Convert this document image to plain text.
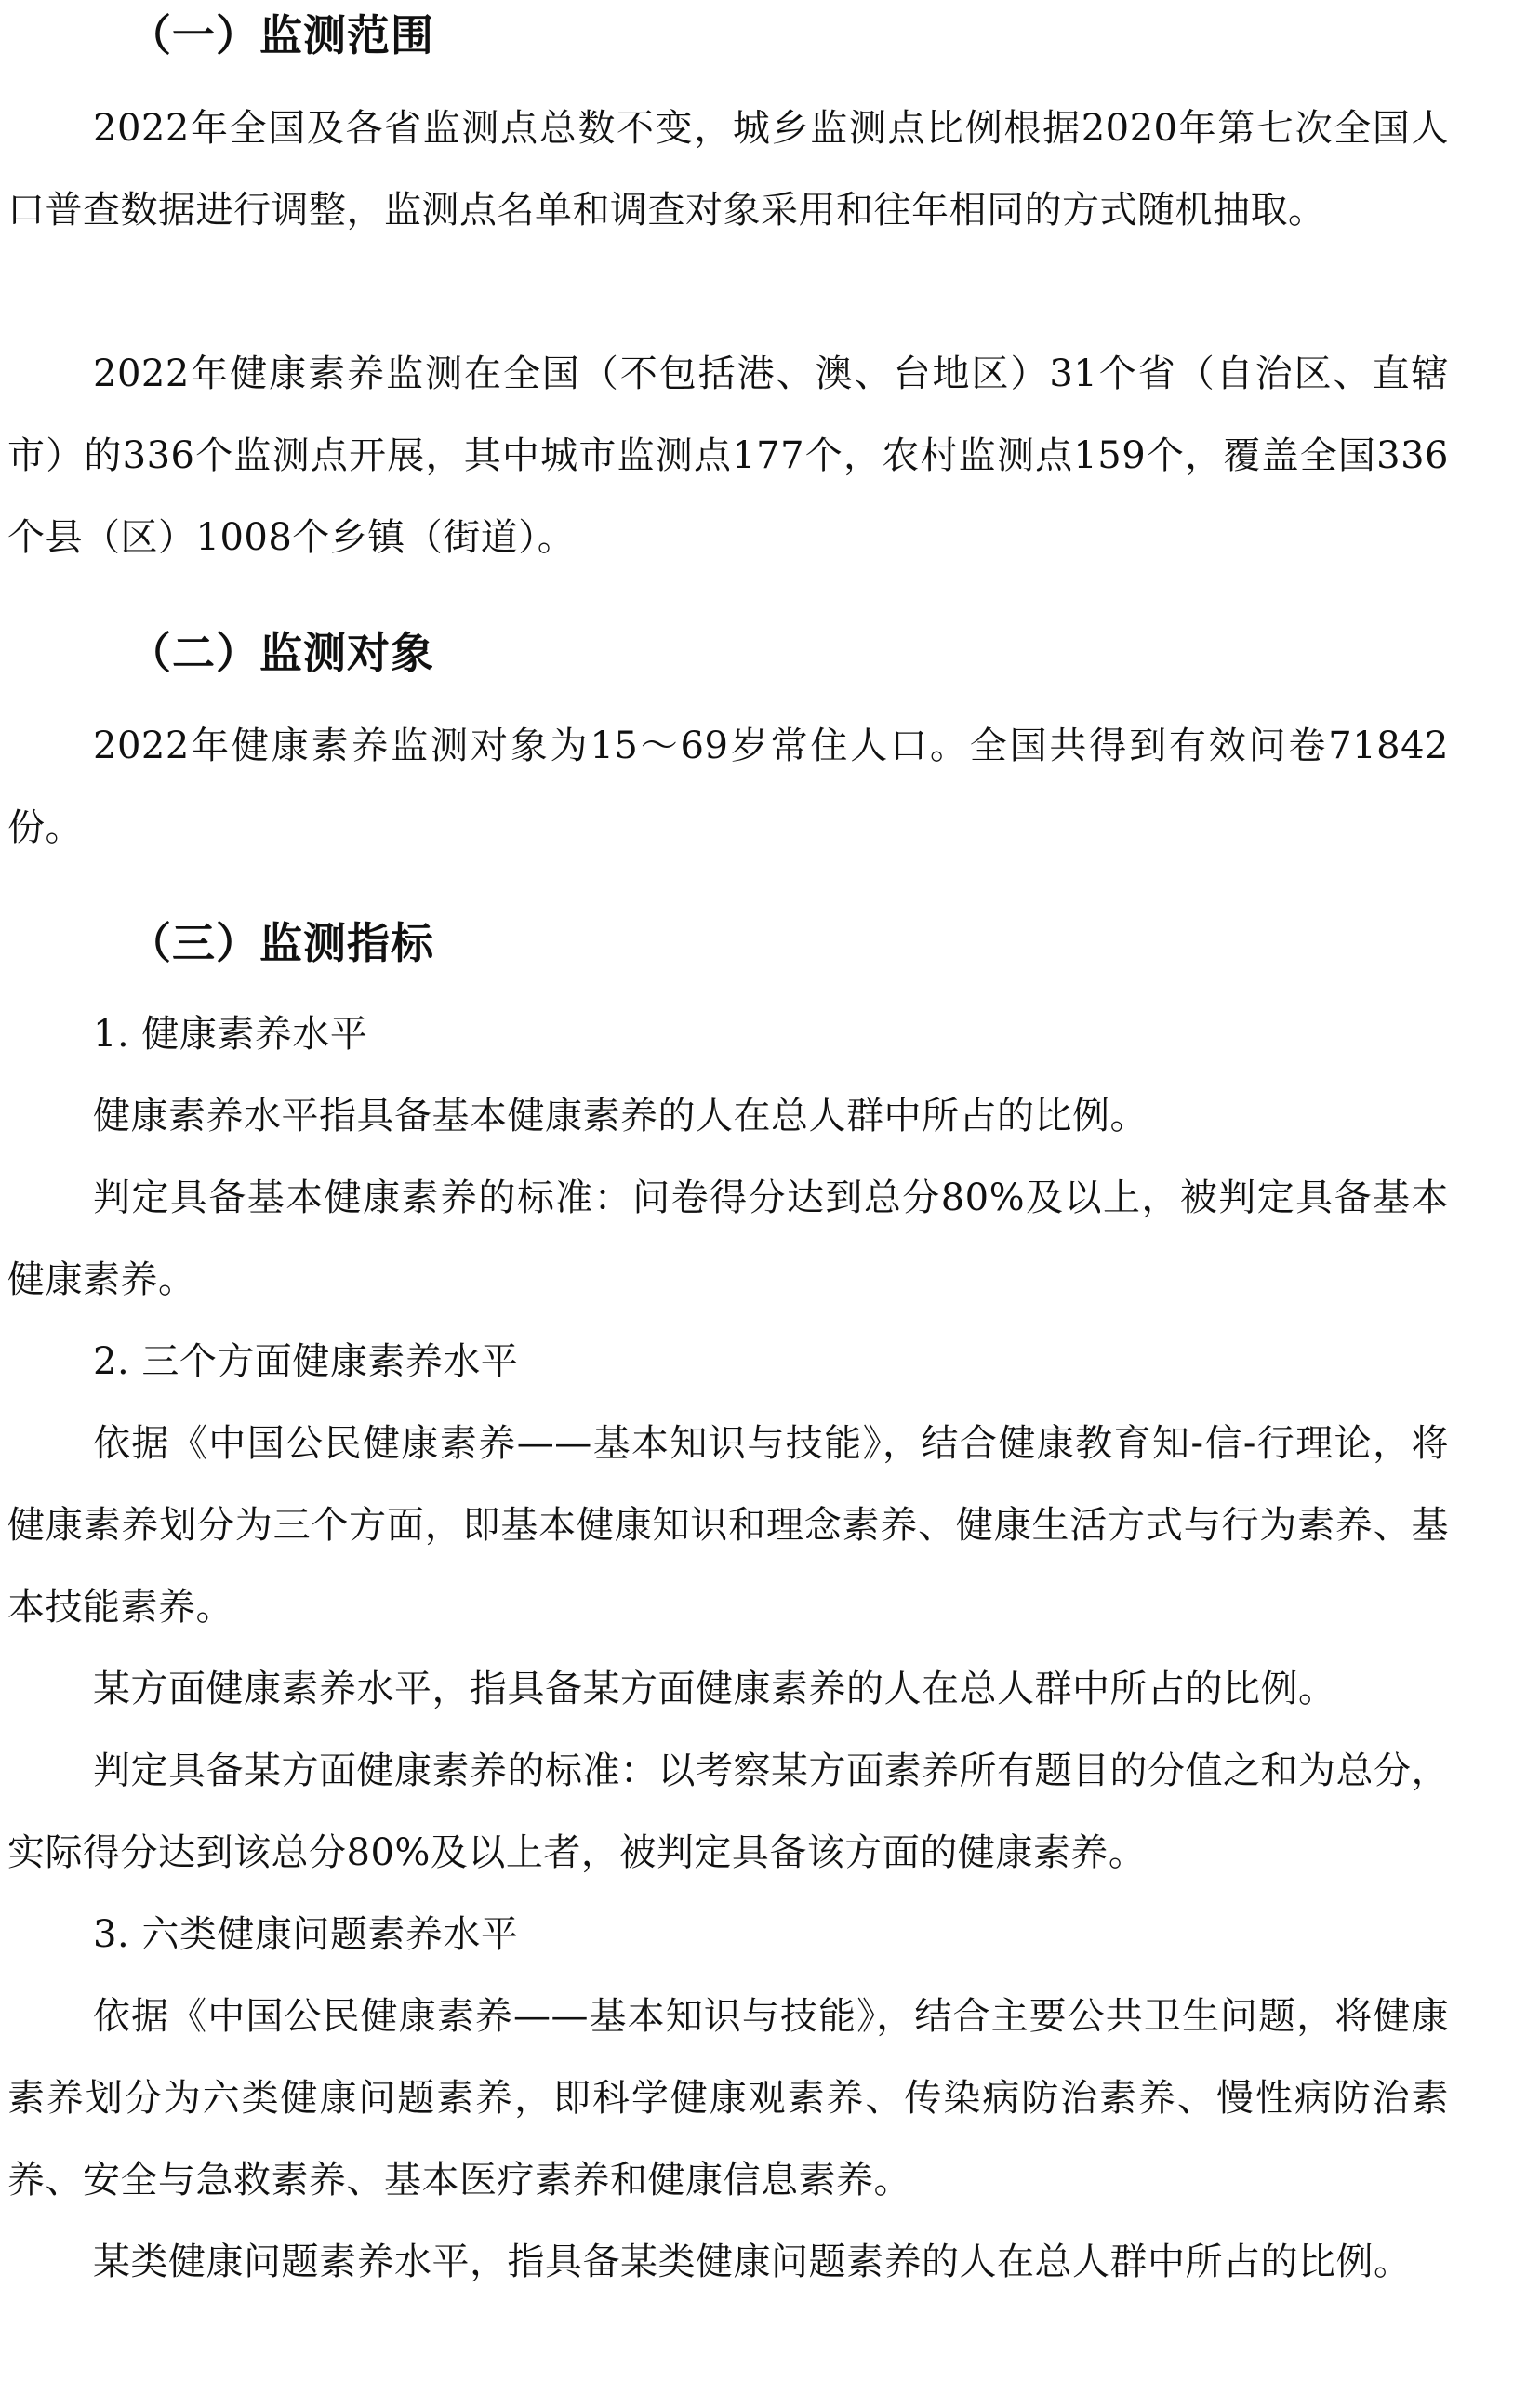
（一）监测范围

2022年全国及各省监测点总数不变，城乡监测点比例根据2020年第七次全国人口普查数据进行调整，监测点名单和调查对象采用和往年相同的方式随机抽取。

2022年健康素养监测在全国（不包括港、澳、台地区）31个省（自治区、直辖市）的336个监测点开展，其中城市监测点177个，农村监测点159个，覆盖全国336个县（区）1008个乡镇（街道）。

（二）监测对象

2022年健康素养监测对象为15～69岁常住人口。全国共得到有效问卷71842份。

（三）监测指标

1. 健康素养水平

健康素养水平指具备基本健康素养的人在总人群中所占的比例。

判定具备基本健康素养的标准：问卷得分达到总分80%及以上，被判定具备基本健康素养。

2. 三个方面健康素养水平

依据《中国公民健康素养——基本知识与技能》，结合健康教育知-信-行理论，将健康素养划分为三个方面，即基本健康知识和理念素养、健康生活方式与行为素养、基本技能素养。

某方面健康素养水平，指具备某方面健康素养的人在总人群中所占的比例。

判定具备某方面健康素养的标准：以考察某方面素养所有题目的分值之和为总分，实际得分达到该总分80%及以上者，被判定具备该方面的健康素养。

3. 六类健康问题素养水平

依据《中国公民健康素养——基本知识与技能》，结合主要公共卫生问题，将健康素养划分为六类健康问题素养，即科学健康观素养、传染病防治素养、慢性病防治素养、安全与急救素养、基本医疗素养和健康信息素养。

某类健康问题素养水平，指具备某类健康问题素养的人在总人群中所占的比例。
